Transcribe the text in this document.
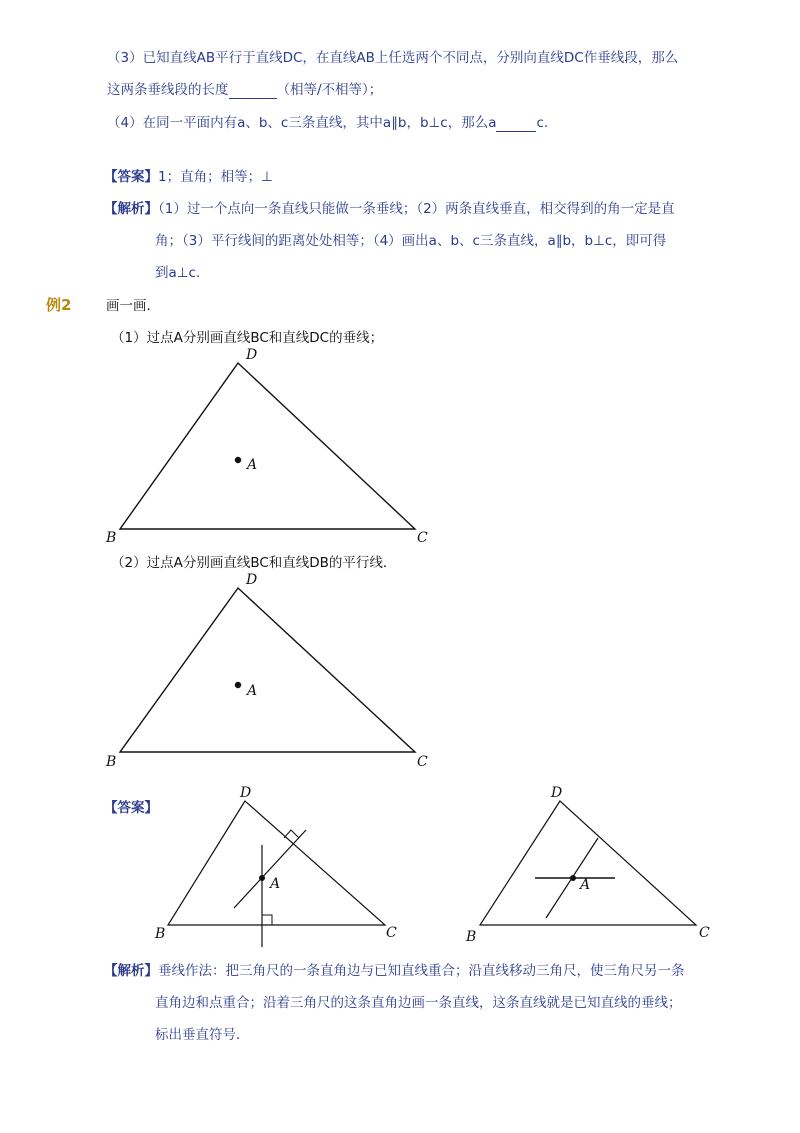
（3）已知直线AB平行于直线DC，在直线AB上任选两个不同点，分别向直线DC作垂线段，那么
这两条垂线段的长度	（相等/不相等）；
（4）在同一平面内有a、b、c三条直线，其中a∥b，b⊥c，那么a	c.
【答案】1；直角；相等；⊥
【解析】（1）过一个点向一条直线只能做一条垂线；（2）两条直线垂直，相交得到的角一定是直
角；（3）平行线间的距离处处相等；（4）画出a、b、c三条直线，a∥b，b⊥c，即可得
到a⊥c.
例2	画一画．
（1）过点A分别画直线BC和直线DC的垂线；
A
D
B	C
（2）过点A分别画直线BC和直线DB的平行线．
A
D
B	C
【答案】
A
D
B	C
A
D
B	C
【解析】垂线作法：把三角尺的一条直角边与已知直线重合；沿直线移动三角尺，使三角尺另一条
直角边和点重合；沿着三角尺的这条直角边画一条直线，这条直线就是已知直线的垂线；
标出垂直符号．
